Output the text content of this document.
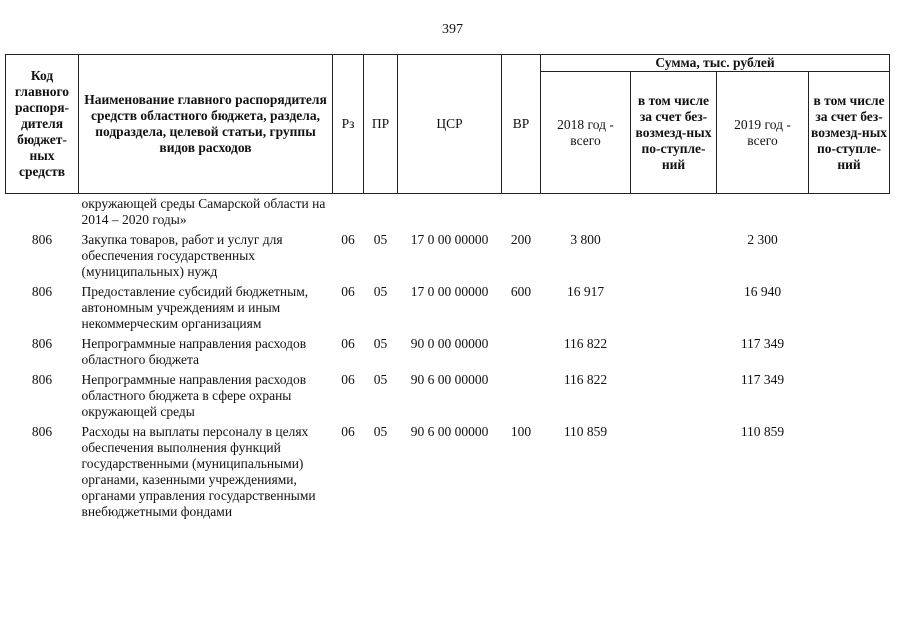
397
Код главного распоря-дителя бюджет-ных средств	Наименование главного распорядителя средств областного бюджета, раздела, подраздела, целевой статьи, группы видов расходов	Рз	ПР	ЦСР	ВР	Сумма, тыс. рублей			
						2018 год - всего	в том числе за счет без-возмезд-ных по-ступле-ний	2019 год - всего	в том числе за счет без-возмезд-ных по-ступле-ний
	окружающей среды Самарской области на 2014 – 2020 годы»								
806	Закупка товаров, работ и услуг для обеспечения государственных (муниципальных) нужд	06	05	17 0 00 00000	200	3 800		2 300	
806	Предоставление субсидий бюджетным, автономным учреждениям и иным некоммерческим организациям	06	05	17 0 00 00000	600	16 917		16 940	
806	Непрограммные направления расходов областного бюджета	06	05	90 0 00 00000		116 822		117 349	
806	Непрограммные направления расходов областного бюджета в сфере охраны окружающей среды	06	05	90 6 00 00000		116 822		117 349	
806	Расходы на выплаты персоналу в целях обеспечения выполнения функций государственными (муниципальными) органами, казенными учреждениями, органами управления государственными внебюджетными фондами	06	05	90 6 00 00000	100	110 859		110 859	
